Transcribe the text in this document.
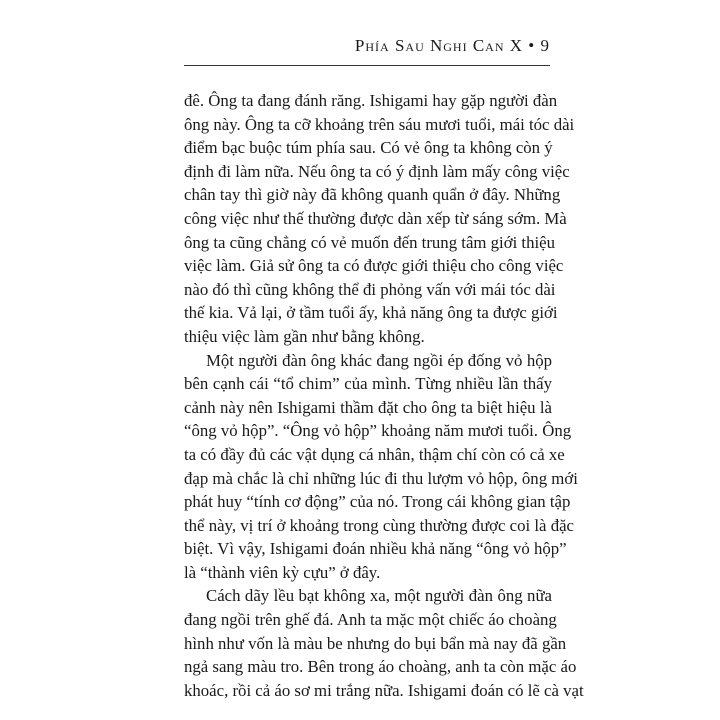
Phía Sau Nghi Can X • 9
đê. Ông ta đang đánh răng. Ishigami hay gặp người đàn
ông này. Ông ta cỡ khoảng trên sáu mươi tuổi, mái tóc dài
điểm bạc buộc túm phía sau. Có vẻ ông ta không còn ý
định đi làm nữa. Nếu ông ta có ý định làm mấy công việc
chân tay thì giờ này đã không quanh quẩn ở đây. Những
công việc như thế thường được dàn xếp từ sáng sớm. Mà
ông ta cũng chẳng có vẻ muốn đến trung tâm giới thiệu
việc làm. Giả sử ông ta có được giới thiệu cho công việc
nào đó thì cũng không thể đi phỏng vấn với mái tóc dài
thế kia. Vả lại, ở tầm tuổi ấy, khả năng ông ta được giới
thiệu việc làm gần như bằng không.
Một người đàn ông khác đang ngồi ép đống vỏ hộp
bên cạnh cái “tổ chim” của mình. Từng nhiều lần thấy
cảnh này nên Ishigami thầm đặt cho ông ta biệt hiệu là
“ông vỏ hộp”. “Ông vỏ hộp” khoảng năm mươi tuổi. Ông
ta có đầy đủ các vật dụng cá nhân, thậm chí còn có cả xe
đạp mà chắc là chỉ những lúc đi thu lượm vỏ hộp, ông mới
phát huy “tính cơ động” của nó. Trong cái không gian tập
thể này, vị trí ở khoảng trong cùng thường được coi là đặc
biệt. Vì vậy, Ishigami đoán nhiều khả năng “ông vỏ hộp”
là “thành viên kỳ cựu” ở đây.
Cách dãy lều bạt không xa, một người đàn ông nữa
đang ngồi trên ghế đá. Anh ta mặc một chiếc áo choàng
hình như vốn là màu be nhưng do bụi bẩn mà nay đã gần
ngả sang màu tro. Bên trong áo choàng, anh ta còn mặc áo
khoác, rồi cả áo sơ mi trắng nữa. Ishigami đoán có lẽ cà vạt
